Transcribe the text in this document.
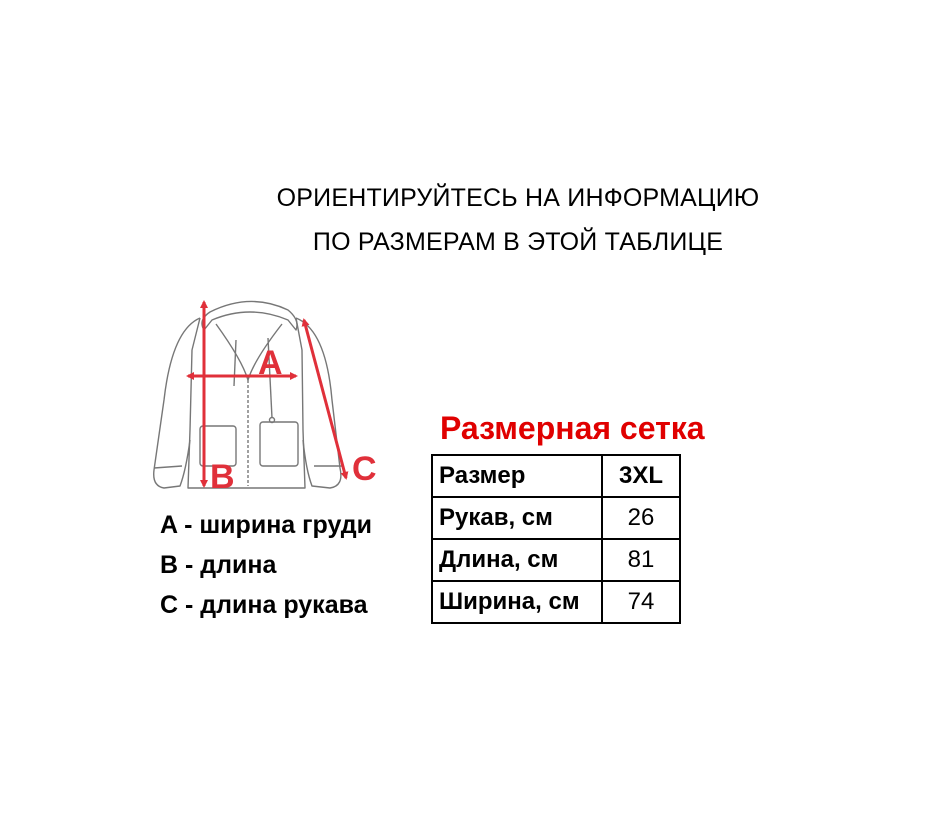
ОРИЕНТИРУЙТЕСЬ НА ИНФОРМАЦИЮ
ПО РАЗМЕРАМ В ЭТОЙ ТАБЛИЦЕ
A
B	C
A - ширина груди
B - длина
C - длина рукава
Размерная сетка
Размер	3XL
Рукав, см	26
Длина, см	81
Ширина, см	74
